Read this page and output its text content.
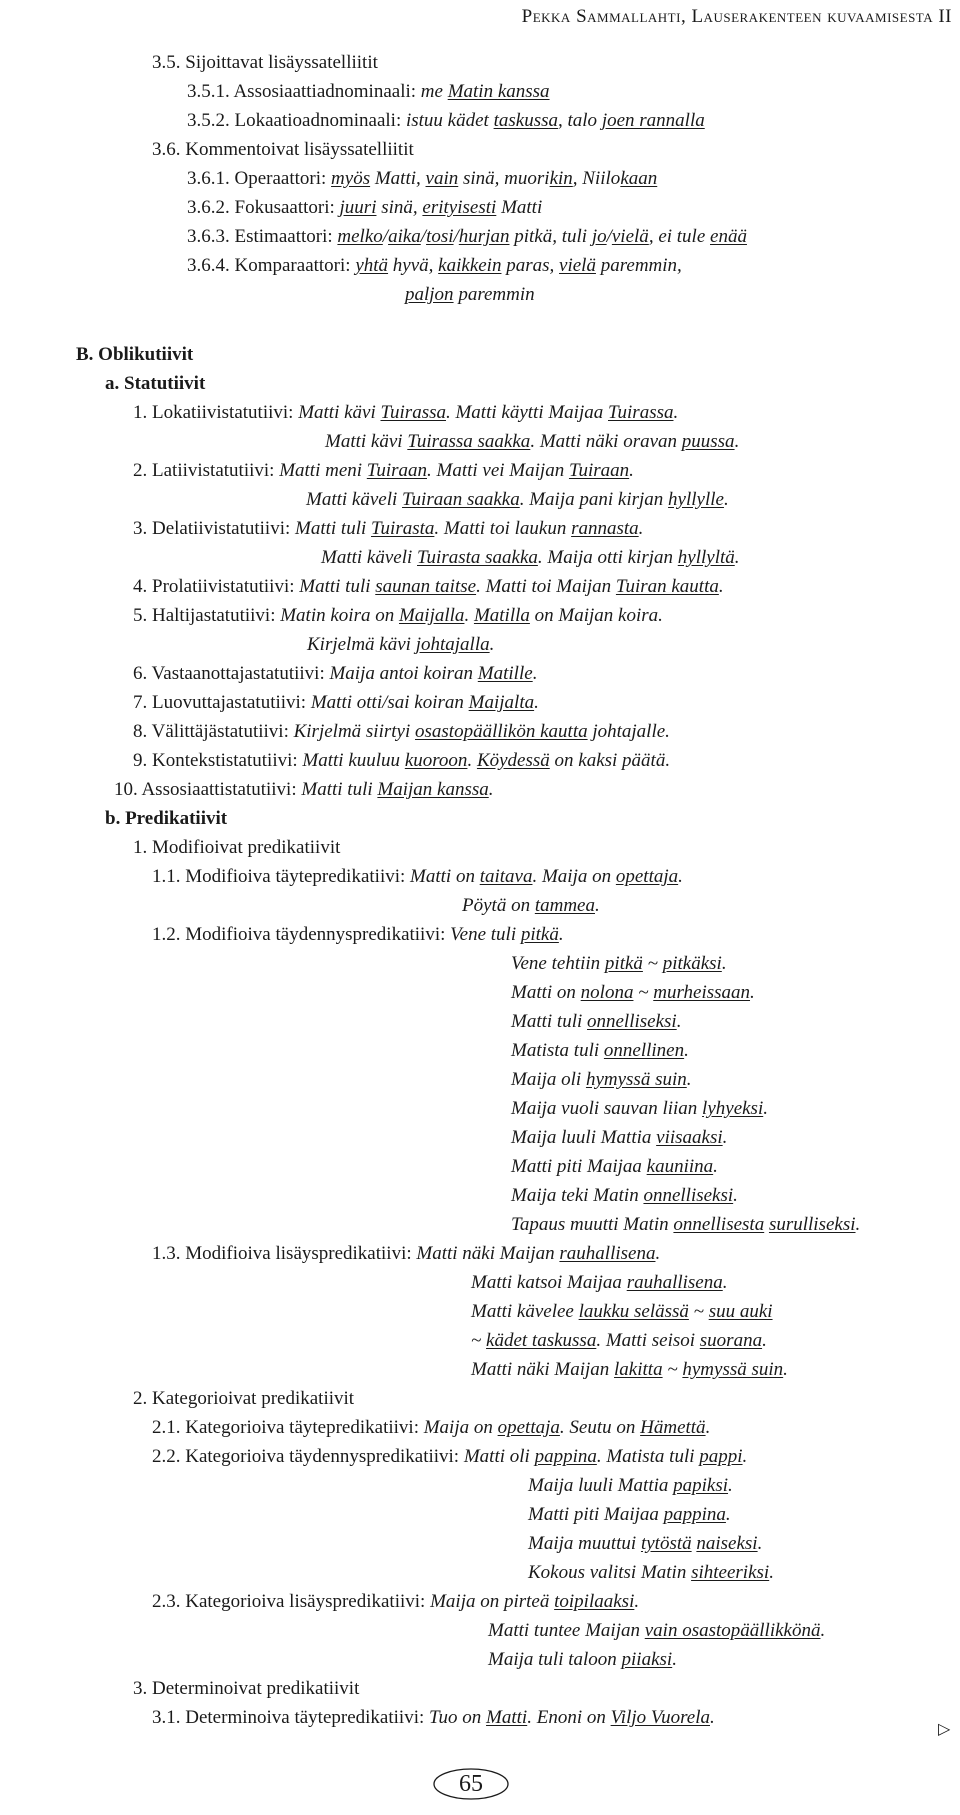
Pekka Sammallahti, Lauserakenteen kuvaamisesta II
3.5. Sijoittavat lisäyssatelliitit
3.5.1. Assosiaattiadnominaali: me Matin kanssa
3.5.2. Lokaatioadnominaali: istuu kädet taskussa, talo joen rannalla
3.6. Kommentoivat lisäyssatelliitit
3.6.1. Operaattori: myös Matti, vain sinä, muorikin, Niilokaan
3.6.2. Fokusaattori: juuri sinä, erityisesti Matti
3.6.3. Estimaattori: melko/aika/tosi/hurjan pitkä, tuli jo/vielä, ei tule enää
3.6.4. Komparaattori: yhtä hyvä, kaikkein paras, vielä paremmin,
paljon paremmin
B. Oblikutiivit
a. Statutiivit
1. Lokatiivistatutiivi: Matti kävi Tuirassa. Matti käytti Maijaa Tuirassa.
Matti kävi Tuirassa saakka. Matti näki oravan puussa.
2. Latiivistatutiivi: Matti meni Tuiraan. Matti vei Maijan Tuiraan.
Matti käveli Tuiraan saakka. Maija pani kirjan hyllylle.
3. Delatiivistatutiivi: Matti tuli Tuirasta. Matti toi laukun rannasta.
Matti käveli Tuirasta saakka. Maija otti kirjan hyllyltä.
4. Prolatiivistatutiivi: Matti tuli saunan taitse. Matti toi Maijan Tuiran kautta.
5. Haltijastatutiivi: Matin koira on Maijalla. Matilla on Maijan koira.
Kirjelmä kävi johtajalla.
6. Vastaanottajastatutiivi: Maija antoi koiran Matille.
7. Luovuttajastatutiivi: Matti otti/sai koiran Maijalta.
8. Välittäjästatutiivi: Kirjelmä siirtyi osastopäällikön kautta johtajalle.
9. Kontekstistatutiivi: Matti kuuluu kuoroon. Köydessä on kaksi päätä.
10. Assosiaattistatutiivi: Matti tuli Maijan kanssa.
b. Predikatiivit
1. Modifioivat predikatiivit
1.1. Modifioiva täytepredikatiivi: Matti on taitava. Maija on opettaja.
Pöytä on tammea.
1.2. Modifioiva täydennyspredikatiivi: Vene tuli pitkä.
Vene tehtiin pitkä ~ pitkäksi.
Matti on nolona ~ murheissaan.
Matti tuli onnelliseksi.
Matista tuli onnellinen.
Maija oli hymyssä suin.
Maija vuoli sauvan liian lyhyeksi.
Maija luuli Mattia viisaaksi.
Matti piti Maijaa kauniina.
Maija teki Matin onnelliseksi.
Tapaus muutti Matin onnellisesta surulliseksi.
1.3. Modifioiva lisäyspredikatiivi: Matti näki Maijan rauhallisena.
Matti katsoi Maijaa rauhallisena.
Matti kävelee laukku selässä ~ suu auki
~ kädet taskussa. Matti seisoi suorana.
Matti näki Maijan lakitta ~ hymyssä suin.
2. Kategorioivat predikatiivit
2.1. Kategorioiva täytepredikatiivi: Maija on opettaja. Seutu on Hämettä.
2.2. Kategorioiva täydennyspredikatiivi: Matti oli pappina. Matista tuli pappi.
Maija luuli Mattia papiksi.
Matti piti Maijaa pappina.
Maija muuttui tytöstä naiseksi.
Kokous valitsi Matin sihteeriksi.
2.3. Kategorioiva lisäyspredikatiivi: Maija on pirteä toipilaaksi.
Matti tuntee Maijan vain osastopäällikkönä.
Maija tuli taloon piiaksi.
3. Determinoivat predikatiivit
3.1. Determinoiva täytepredikatiivi: Tuo on Matti. Enoni on Viljo Vuorela.
▷
65
